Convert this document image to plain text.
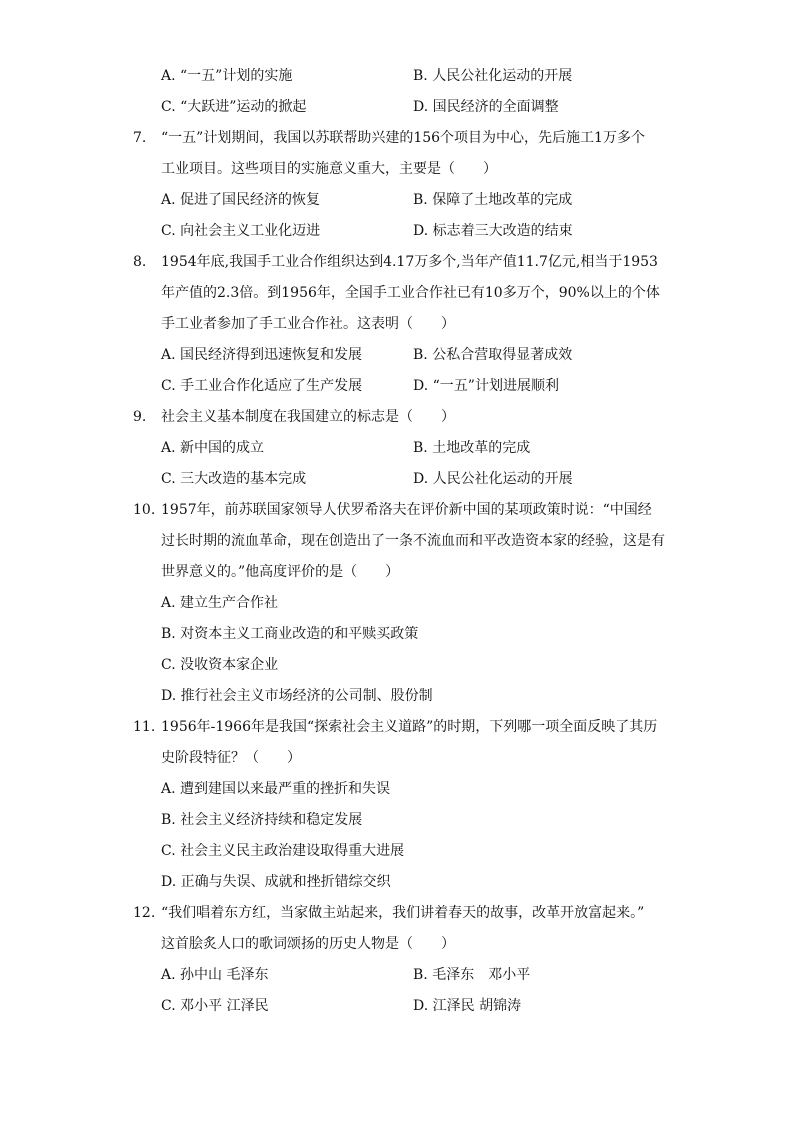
A. “一五”计划的实施	B. 人民公社化运动的开展
C. “大跃进”运动的掀起	D. 国民经济的全面调整
7.	“一五”计划期间，我国以苏联帮助兴建的156个项目为中心，先后施工1万多个
工业项目。这些项目的实施意义重大，主要是（　　）
A. 促进了国民经济的恢复	B. 保障了土地改革的完成
C. 向社会主义工业化迈进	D. 标志着三大改造的结束
8.	1954年底,我国手工业合作组织达到4.17万多个,当年产值11.7亿元,相当于1953
年产值的2.3倍。到1956年，全国手工业合作社已有10多万个，90%以上的个体
手工业者参加了手工业合作社。这表明（　　）
A. 国民经济得到迅速恢复和发展	B. 公私合营取得显著成效
C. 手工业合作化适应了生产发展	D. “一五”计划进展顺利
9.	社会主义基本制度在我国建立的标志是（　　）
A. 新中国的成立	B. 土地改革的完成
C. 三大改造的基本完成	D. 人民公社化运动的开展
10. 1957年，前苏联国家领导人伏罗希洛夫在评价新中国的某项政策时说：“中国经
过长时期的流血革命，现在创造出了一条不流血而和平改造资本家的经验，这是有
世界意义的。”他高度评价的是（　　）
A. 建立生产合作社
B. 对资本主义工商业改造的和平赎买政策
C. 没收资本家企业
D. 推行社会主义市场经济的公司制、股份制
11. 1956年-1966年是我国“探索社会主义道路”的时期，下列哪一项全面反映了其历
史阶段特征？（　　）
A. 遭到建国以来最严重的挫折和失误
B. 社会主义经济持续和稳定发展
C. 社会主义民主政治建设取得重大进展
D. 正确与失误、成就和挫折错综交织
12. “我们唱着东方红，当家做主站起来，我们讲着春天的故事，改革开放富起来。”
这首脍炙人口的歌词颂扬的历史人物是（　　）
A. 孙中山 毛泽东	B. 毛泽东　邓小平
C. 邓小平 江泽民	D. 江泽民 胡锦涛
